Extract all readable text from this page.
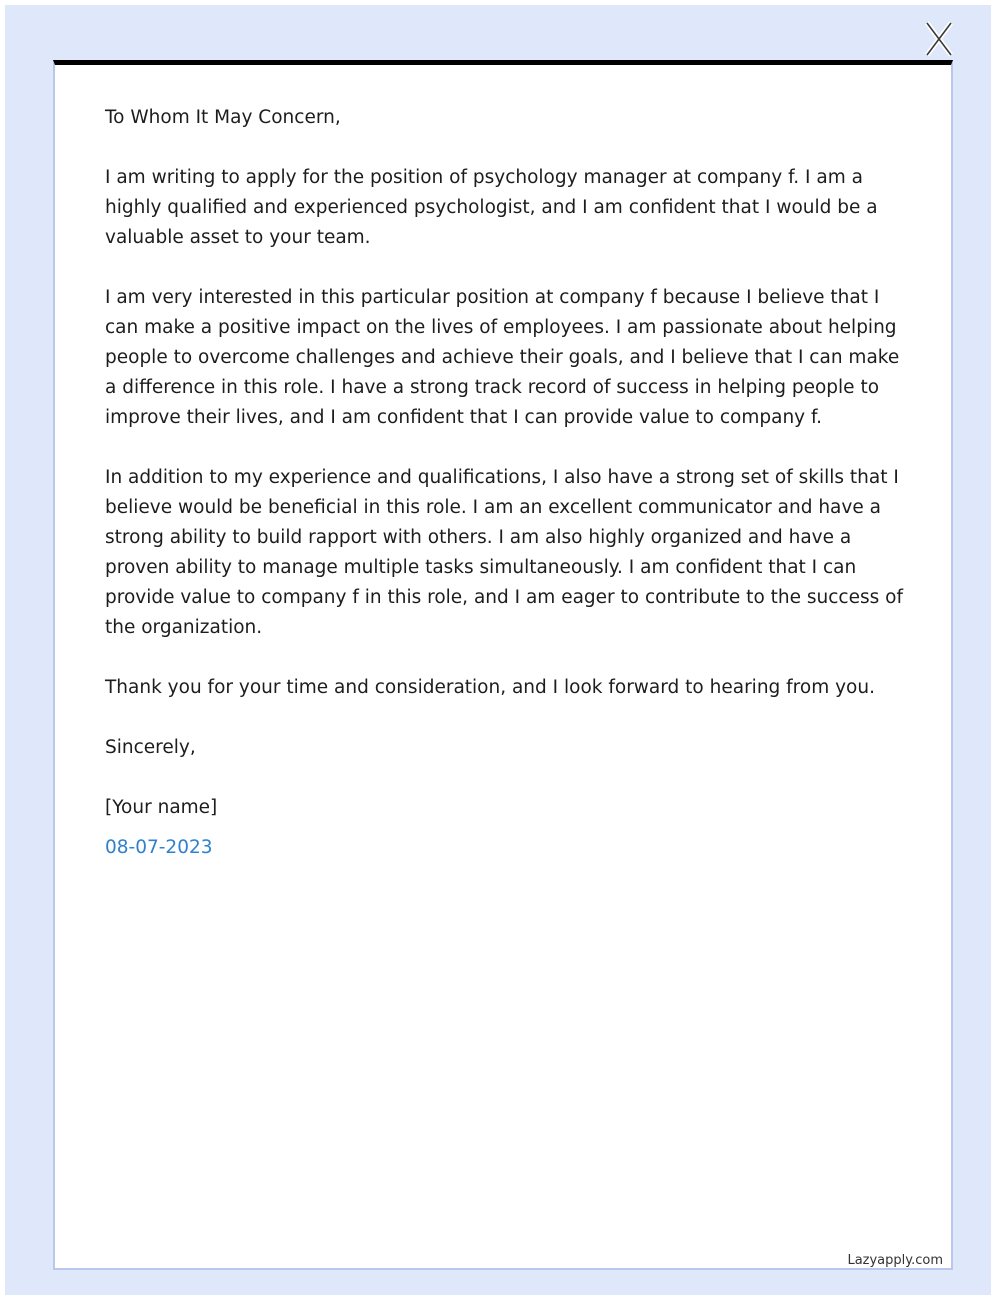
To Whom It May Concern,

I am writing to apply for the position of psychology manager at company f. I am a highly qualified and experienced psychologist, and I am confident that I would be a valuable asset to your team.

I am very interested in this particular position at company f because I believe that I can make a positive impact on the lives of employees. I am passionate about helping people to overcome challenges and achieve their goals, and I believe that I can make a difference in this role. I have a strong track record of success in helping people to improve their lives, and I am confident that I can provide value to company f.

In addition to my experience and qualifications, I also have a strong set of skills that I believe would be beneficial in this role. I am an excellent communicator and have a strong ability to build rapport with others. I am also highly organized and have a proven ability to manage multiple tasks simultaneously. I am confident that I can provide value to company f in this role, and I am eager to contribute to the success of the organization.

Thank you for your time and consideration, and I look forward to hearing from you.

Sincerely,

[Your name]

08-07-2023

Lazyapply.com
